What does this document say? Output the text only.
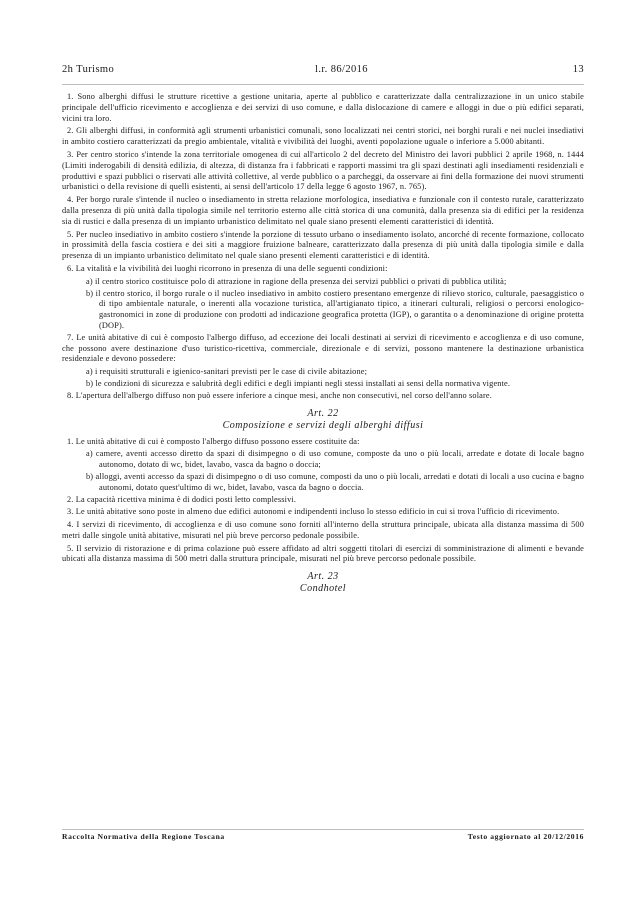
2h Turismo	l.r. 86/2016	13

1. Sono alberghi diffusi le strutture ricettive a gestione unitaria, aperte al pubblico e caratterizzate dalla centralizzazione in un unico stabile principale dell'ufficio ricevimento e accoglienza e dei servizi di uso comune, e dalla dislocazione di camere e alloggi in due o più edifici separati, vicini tra loro.

2. Gli alberghi diffusi, in conformità agli strumenti urbanistici comunali, sono localizzati nei centri storici, nei borghi rurali e nei nuclei insediativi in ambito costiero caratterizzati da pregio ambientale, vitalità e vivibilità dei luoghi, aventi popolazione uguale o inferiore a 5.000 abitanti.

3. Per centro storico s'intende la zona territoriale omogenea di cui all'articolo 2 del decreto del Ministro dei lavori pubblici 2 aprile 1968, n. 1444 (Limiti inderogabili di densità edilizia, di altezza, di distanza fra i fabbricati e rapporti massimi tra gli spazi destinati agli insediamenti residenziali e produttivi e spazi pubblici o riservati alle attività collettive, al verde pubblico o a parcheggi, da osservare ai fini della formazione dei nuovi strumenti urbanistici o della revisione di quelli esistenti, ai sensi dell'articolo 17 della legge 6 agosto 1967, n. 765).

4. Per borgo rurale s'intende il nucleo o insediamento in stretta relazione morfologica, insediativa e funzionale con il contesto rurale, caratterizzato dalla presenza di più unità dalla tipologia simile nel territorio esterno alle città storica di una comunità, dalla presenza sia di edifici per la residenza sia di rustici e dalla presenza di un impianto urbanistico delimitato nel quale siano presenti elementi caratteristici di identità.

5. Per nucleo insediativo in ambito costiero s'intende la porzione di tessuto urbano o insediamento isolato, ancorché di recente formazione, collocato in prossimità della fascia costiera e dei siti a maggiore fruizione balneare, caratterizzato dalla presenza di più unità dalla tipologia simile e dalla presenza di un impianto urbanistico delimitato nel quale siano presenti elementi caratteristici e di identità.

6. La vitalità e la vivibilità dei luoghi ricorrono in presenza di una delle seguenti condizioni:

a) il centro storico costituisce polo di attrazione in ragione della presenza dei servizi pubblici o privati di pubblica utilità;

b) il centro storico, il borgo rurale o il nucleo insediativo in ambito costiero presentano emergenze di rilievo storico, culturale, paesaggistico o di tipo ambientale naturale, o inerenti alla vocazione turistica, all'artigianato tipico, a itinerari culturali, religiosi o percorsi enologico-gastronomici in zone di produzione con prodotti ad indicazione geografica protetta (IGP), o garantita o a denominazione di origine protetta (DOP).

7. Le unità abitative di cui è composto l'albergo diffuso, ad eccezione dei locali destinati ai servizi di ricevimento e accoglienza e di uso comune, che possono avere destinazione d'uso turistico-ricettiva, commerciale, direzionale e di servizi, possono mantenere la destinazione urbanistica residenziale e devono possedere:

a) i requisiti strutturali e igienico-sanitari previsti per le case di civile abitazione;

b) le condizioni di sicurezza e salubrità degli edifici e degli impianti negli stessi installati ai sensi della normativa vigente.

8. L'apertura dell'albergo diffuso non può essere inferiore a cinque mesi, anche non consecutivi, nel corso dell'anno solare.

Art. 22
Composizione e servizi degli alberghi diffusi

1. Le unità abitative di cui è composto l'albergo diffuso possono essere costituite da:

a) camere, aventi accesso diretto da spazi di disimpegno o di uso comune, composte da uno o più locali, arredate e dotate di locale bagno autonomo, dotato di wc, bidet, lavabo, vasca da bagno o doccia;

b) alloggi, aventi accesso da spazi di disimpegno o di uso comune, composti da uno o più locali, arredati e dotati di locali a uso cucina e bagno autonomi, dotato quest'ultimo di wc, bidet, lavabo, vasca da bagno o doccia.

2. La capacità ricettiva minima è di dodici posti letto complessivi.

3. Le unità abitative sono poste in almeno due edifici autonomi e indipendenti incluso lo stesso edificio in cui si trova l'ufficio di ricevimento.

4. I servizi di ricevimento, di accoglienza e di uso comune sono forniti all'interno della struttura principale, ubicata alla distanza massima di 500 metri dalle singole unità abitative, misurati nel più breve percorso pedonale possibile.

5. Il servizio di ristorazione e di prima colazione può essere affidato ad altri soggetti titolari di esercizi di somministrazione di alimenti e bevande ubicati alla distanza massima di 500 metri dalla struttura principale, misurati nel più breve percorso pedonale possibile.

Art. 23
Condhotel
Raccolta Normativa della Regione Toscana	Testo aggiornato al 20/12/2016
